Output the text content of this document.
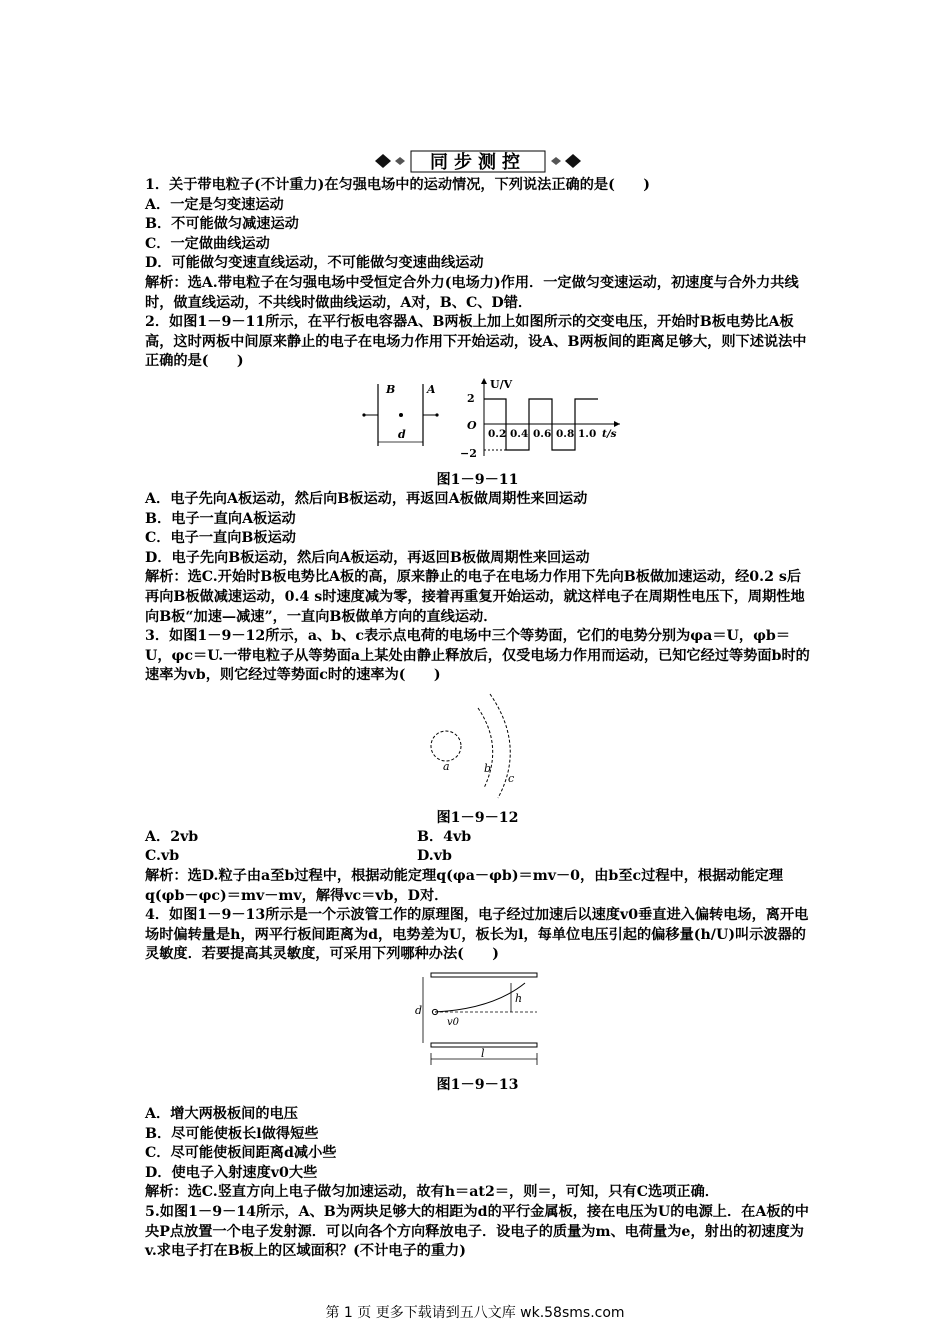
同步测控

1．关于带电粒子(不计重力)在匀强电场中的运动情况，下列说法正确的是(　　)

A．一定是匀变速运动

B．不可能做匀减速运动

C．一定做曲线运动

D．可能做匀变速直线运动，不可能做匀变速曲线运动

解析：选A.带电粒子在匀强电场中受恒定合外力(电场力)作用．一定做匀变速运动，初速度与合外力共线时，做直线运动，不共线时做曲线运动，A对，B、C、D错．

2．如图1－9－11所示，在平行板电容器A、B两板上加上如图所示的交变电压，开始时B板电势比A板高，这时两板中间原来静止的电子在电场力作用下开始运动，设A、B两板间的距离足够大，则下述说法中正确的是(　　)

B	A
d
U/V
2
O
−2
0.2 0.4 0.6 0.8 1.0 t/s
图1－9－11

A．电子先向A板运动，然后向B板运动，再返回A板做周期性来回运动

B．电子一直向A板运动

C．电子一直向B板运动

D．电子先向B板运动，然后向A板运动，再返回B板做周期性来回运动

解析：选C.开始时B板电势比A板的高，原来静止的电子在电场力作用下先向B板做加速运动，经0.2 s后再向B板做减速运动，0.4 s时速度减为零，接着再重复开始运动，就这样电子在周期性电压下，周期性地向B板“加速—减速”，一直向B板做单方向的直线运动．

3．如图1－9－12所示，a、b、c表示点电荷的电场中三个等势面，它们的电势分别为φa＝U，φb＝U，φc＝U.一带电粒子从等势面a上某处由静止释放后，仅受电场力作用而运动，已知它经过等势面b时的速率为vb，则它经过等势面c时的速率为(　　)

a	b
c
图1－9－12
A．2vb	B．4vb
C.vb	D.vb

解析：选D.粒子由a至b过程中，根据动能定理q(φa－φb)＝mv－0，由b至c过程中，根据动能定理q(φb－φc)＝mv－mv，解得vc＝vb，D对．

4．如图1－9－13所示是一个示波管工作的原理图，电子经过加速后以速度v0垂直进入偏转电场，离开电场时偏转量是h，两平行板间距离为d，电势差为U，板长为l，每单位电压引起的偏移量(h/U)叫示波器的灵敏度．若要提高其灵敏度，可采用下列哪种办法(　　)

d
h
v0
l
图1－9－13

A．增大两极板间的电压

B．尽可能使板长l做得短些

C．尽可能使板间距离d减小些

D．使电子入射速度v0大些

解析：选C.竖直方向上电子做匀加速运动，故有h＝at2＝，则＝，可知，只有C选项正确．

5.如图1－9－14所示，A、B为两块足够大的相距为d的平行金属板，接在电压为U的电源上．在A板的中央P点放置一个电子发射源．可以向各个方向释放电子．设电子的质量为m、电荷量为e，射出的初速度为v.求电子打在B板上的区域面积？(不计电子的重力)

第 1 页 更多下载请到五八文库 wk.58sms.com
